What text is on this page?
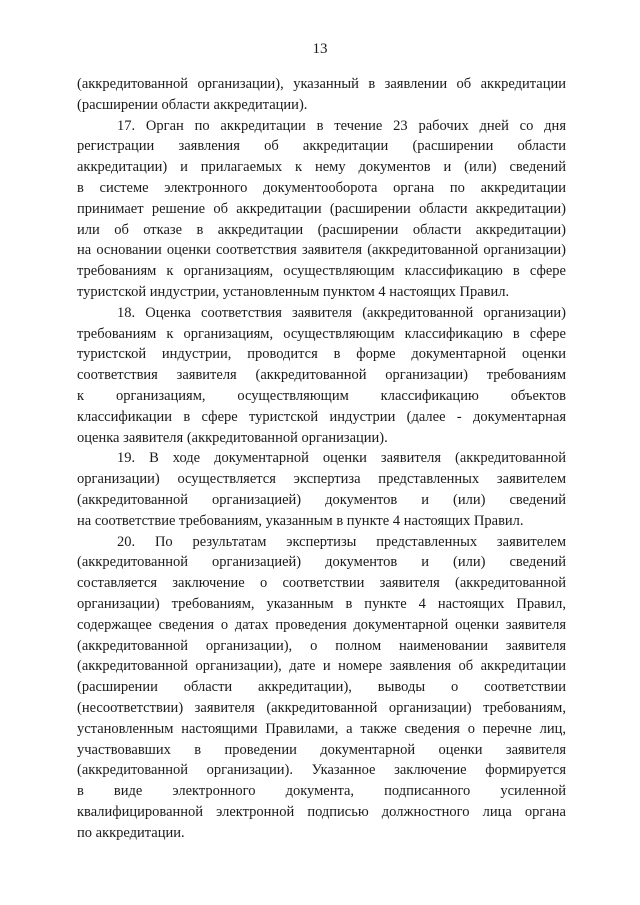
13
(аккредитованной организации), указанный в заявлении об аккредитации
(расширении области аккредитации).
17. Орган по аккредитации в течение 23 рабочих дней со дня
регистрации заявления об аккредитации (расширении области
аккредитации) и прилагаемых к нему документов и (или) сведений
в системе электронного документооборота органа по аккредитации
принимает решение об аккредитации (расширении области аккредитации)
или об отказе в аккредитации (расширении области аккредитации)
на основании оценки соответствия заявителя (аккредитованной организации)
требованиям к организациям, осуществляющим классификацию в сфере
туристской индустрии, установленным пунктом 4 настоящих Правил.
18. Оценка соответствия заявителя (аккредитованной организации)
требованиям к организациям, осуществляющим классификацию в сфере
туристской индустрии, проводится в форме документарной оценки
соответствия заявителя (аккредитованной организации) требованиям
к организациям, осуществляющим классификацию объектов
классификации в сфере туристской индустрии (далее - документарная
оценка заявителя (аккредитованной организации).
19. В ходе документарной оценки заявителя (аккредитованной
организации) осуществляется экспертиза представленных заявителем
(аккредитованной организацией) документов и (или) сведений
на соответствие требованиям, указанным в пункте 4 настоящих Правил.
20. По результатам экспертизы представленных заявителем
(аккредитованной организацией) документов и (или) сведений
составляется заключение о соответствии заявителя (аккредитованной
организации) требованиям, указанным в пункте 4 настоящих Правил,
содержащее сведения о датах проведения документарной оценки заявителя
(аккредитованной организации), о полном наименовании заявителя
(аккредитованной организации), дате и номере заявления об аккредитации
(расширении области аккредитации), выводы о соответствии
(несоответствии) заявителя (аккредитованной организации) требованиям,
установленным настоящими Правилами, а также сведения о перечне лиц,
участвовавших в проведении документарной оценки заявителя
(аккредитованной организации). Указанное заключение формируется
в виде электронного документа, подписанного усиленной
квалифицированной электронной подписью должностного лица органа
по аккредитации.
